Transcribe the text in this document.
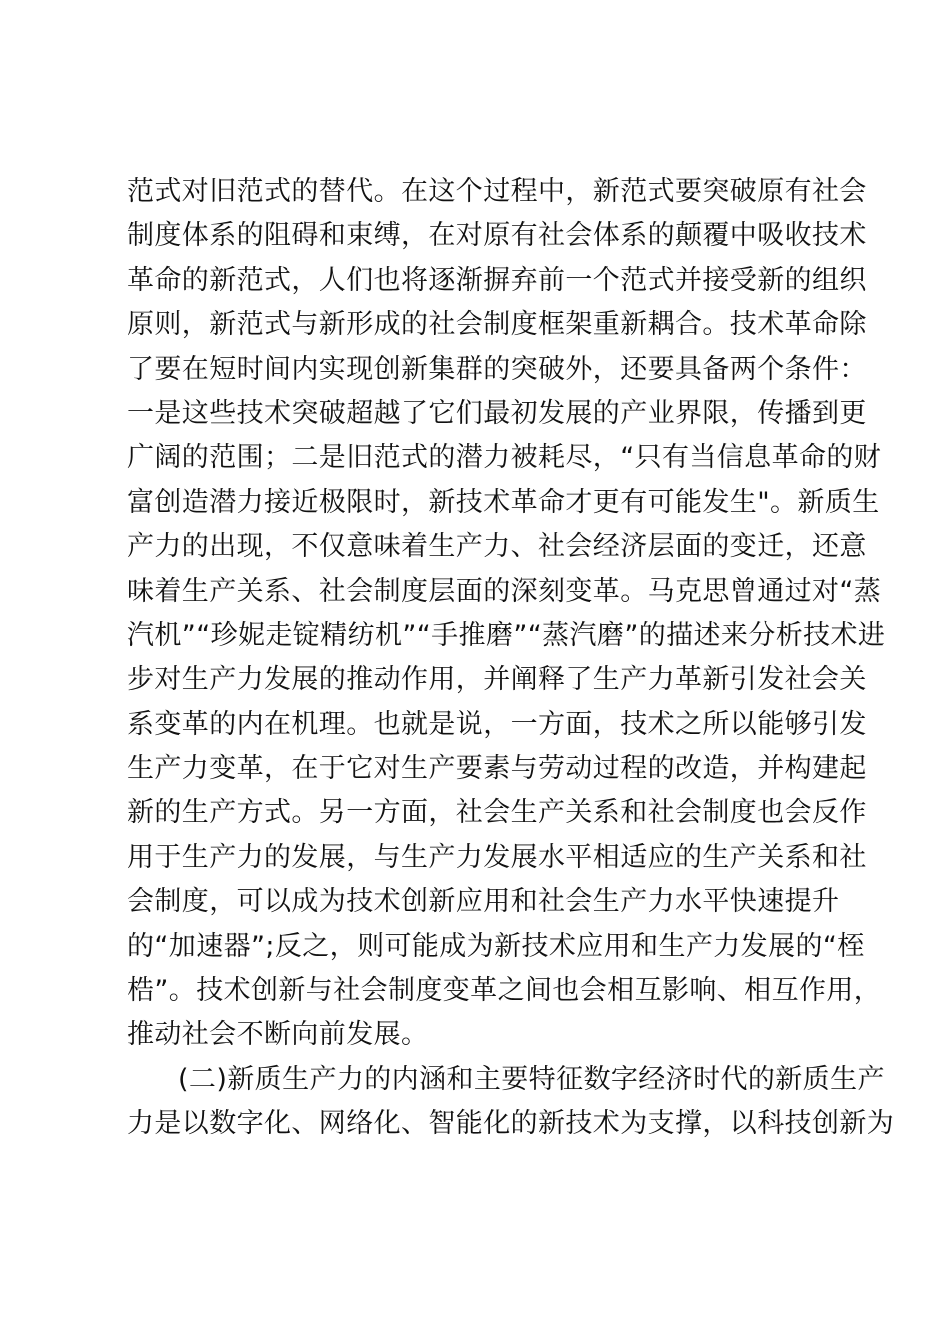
范式对旧范式的替代。在这个过程中，新范式要突破原有社会
制度体系的阻碍和束缚，在对原有社会体系的颠覆中吸收技术
革命的新范式，人们也将逐渐摒弃前一个范式并接受新的组织
原则，新范式与新形成的社会制度框架重新耦合。技术革命除
了要在短时间内实现创新集群的突破外，还要具备两个条件：
一是这些技术突破超越了它们最初发展的产业界限，传播到更
广阔的范围；二是旧范式的潜力被耗尽，“只有当信息革命的财
富创造潜力接近极限时，新技术革命才更有可能发生"。新质生
产力的出现，不仅意味着生产力、社会经济层面的变迁，还意
味着生产关系、社会制度层面的深刻变革。马克思曾通过对“蒸
汽机”“珍妮走锭精纺机”“手推磨”“蒸汽磨”的描述来分析技术进
步对生产力发展的推动作用，并阐释了生产力革新引发社会关
系变革的内在机理。也就是说，一方面，技术之所以能够引发
生产力变革，在于它对生产要素与劳动过程的改造，并构建起
新的生产方式。另一方面，社会生产关系和社会制度也会反作
用于生产力的发展，与生产力发展水平相适应的生产关系和社
会制度，可以成为技术创新应用和社会生产力水平快速提升
的“加速器”;反之，则可能成为新技术应用和生产力发展的“桎
梏”。技术创新与社会制度变革之间也会相互影响、相互作用，
推动社会不断向前发展。
(二)新质生产力的内涵和主要特征数字经济时代的新质生产
力是以数字化、网络化、智能化的新技术为支撑，以科技创新为
